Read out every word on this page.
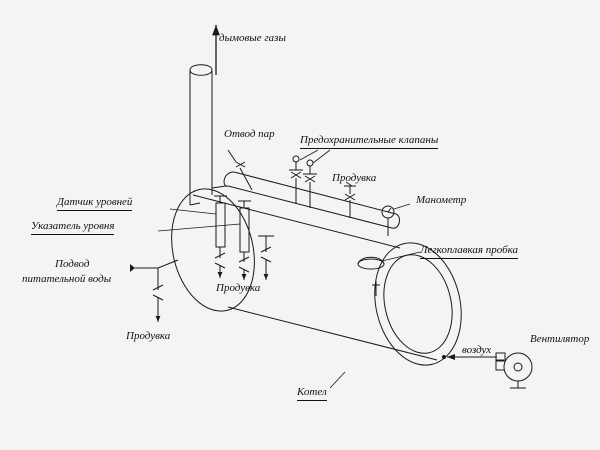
дымовые газы
Отвод пар Предохранительные клапаны
Продувка
Манометр
Датчик уровней
Указатель уровня
Легкоплавкая пробка
Подвод
питательной воды
Продувка
Продувка
воздух
Вентилятор
Котел
